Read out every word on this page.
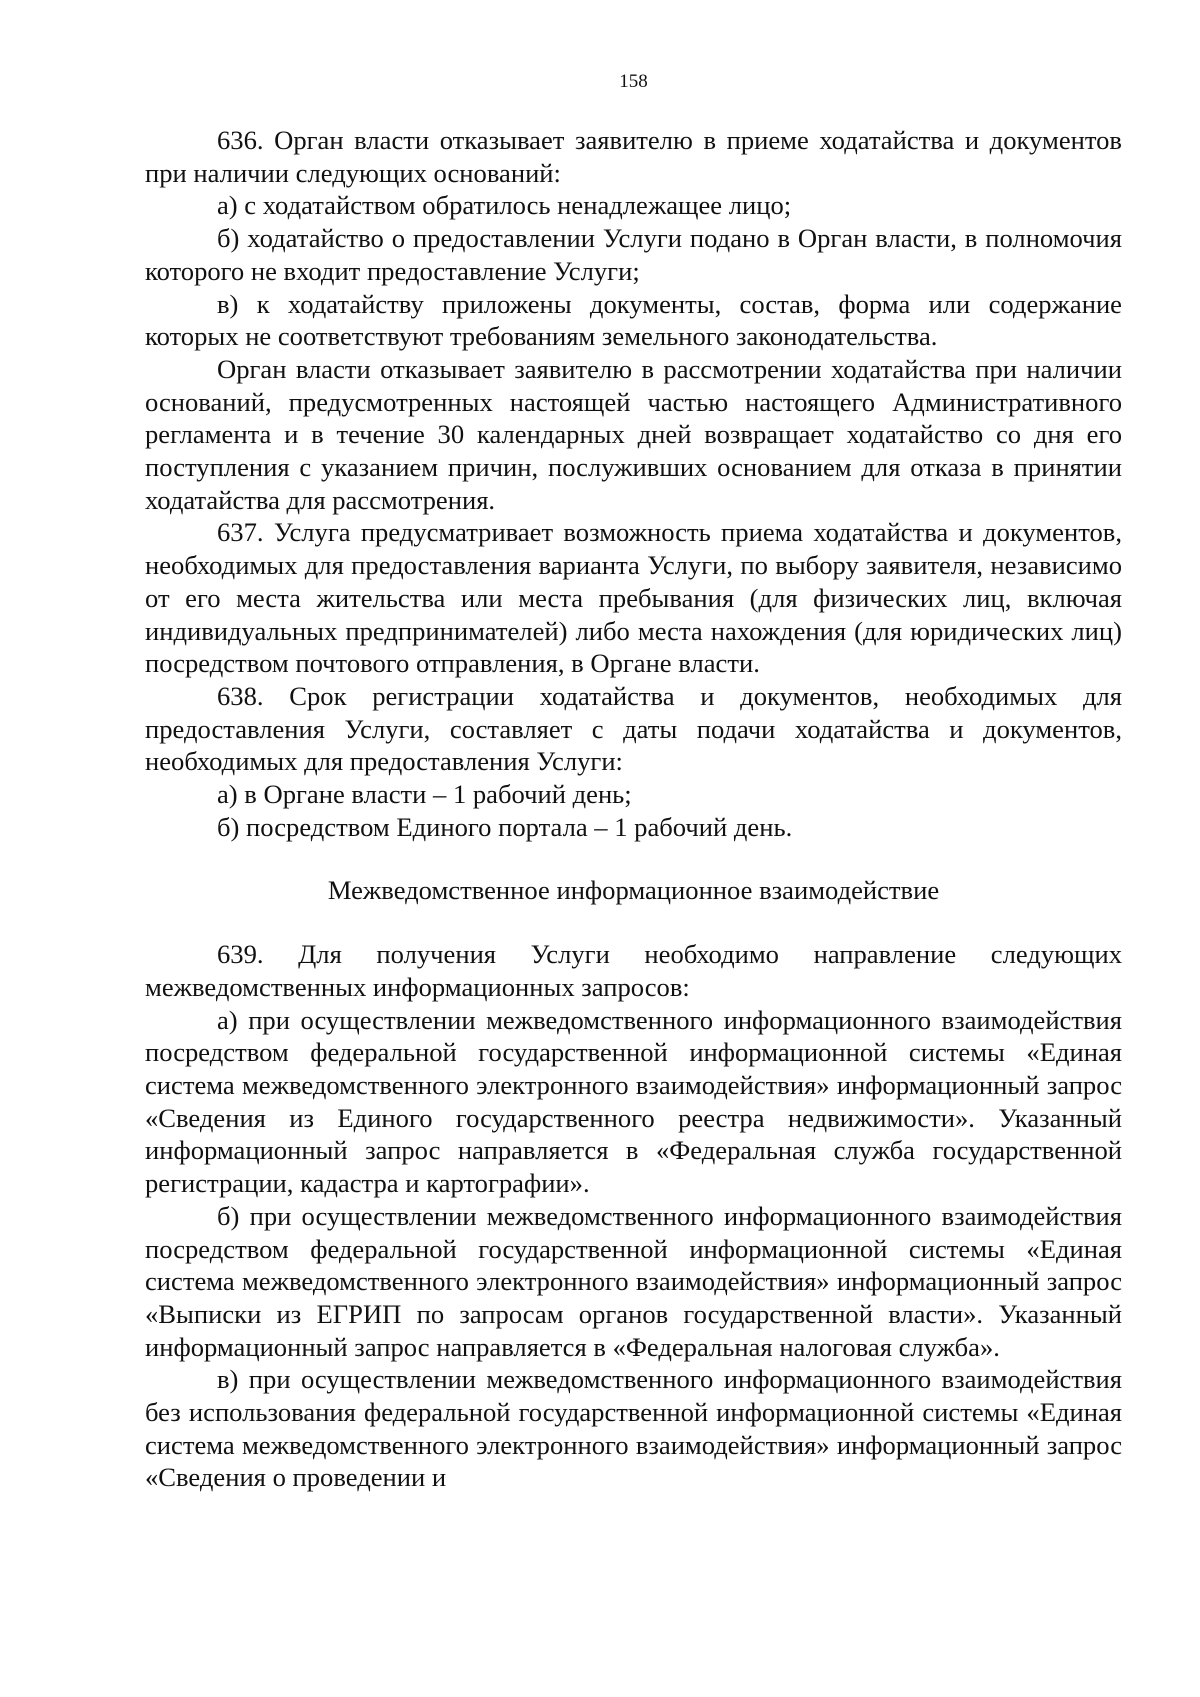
158

636. Орган власти отказывает заявителю в приеме ходатайства и документов при наличии следующих оснований:

а) с ходатайством обратилось ненадлежащее лицо;

б) ходатайство о предоставлении Услуги подано в Орган власти, в полномочия которого не входит предоставление Услуги;

в) к ходатайству приложены документы, состав, форма или содержание которых не соответствуют требованиям земельного законодательства.

Орган власти отказывает заявителю в рассмотрении ходатайства при наличии оснований, предусмотренных настоящей частью настоящего Административного регламента и в течение 30 календарных дней возвращает ходатайство со дня его поступления с указанием причин, послуживших основанием для отказа в принятии ходатайства для рассмотрения.

637. Услуга предусматривает возможность приема ходатайства и документов, необходимых для предоставления варианта Услуги, по выбору заявителя, независимо от его места жительства или места пребывания (для физических лиц, включая индивидуальных предпринимателей) либо места нахождения (для юридических лиц) посредством почтового отправления, в Органе власти.

638. Срок регистрации ходатайства и документов, необходимых для предоставления Услуги, составляет с даты подачи ходатайства и документов, необходимых для предоставления Услуги:

а) в Органе власти – 1 рабочий день;

б) посредством Единого портала – 1 рабочий день.

Межведомственное информационное взаимодействие

639. Для получения Услуги необходимо направление следующих межведомственных информационных запросов:

а) при осуществлении межведомственного информационного взаимодействия посредством федеральной государственной информационной системы «Единая система межведомственного электронного взаимодействия» информационный запрос «Сведения из Единого государственного реестра недвижимости». Указанный информационный запрос направляется в «Федеральная служба государственной регистрации, кадастра и картографии».

б) при осуществлении межведомственного информационного взаимодействия посредством федеральной государственной информационной системы «Единая система межведомственного электронного взаимодействия» информационный запрос «Выписки из ЕГРИП по запросам органов государственной власти». Указанный информационный запрос направляется в «Федеральная налоговая служба».

в) при осуществлении межведомственного информационного взаимодействия без использования федеральной государственной информационной системы «Единая система межведомственного электронного взаимодействия» информационный запрос «Сведения о проведении и
